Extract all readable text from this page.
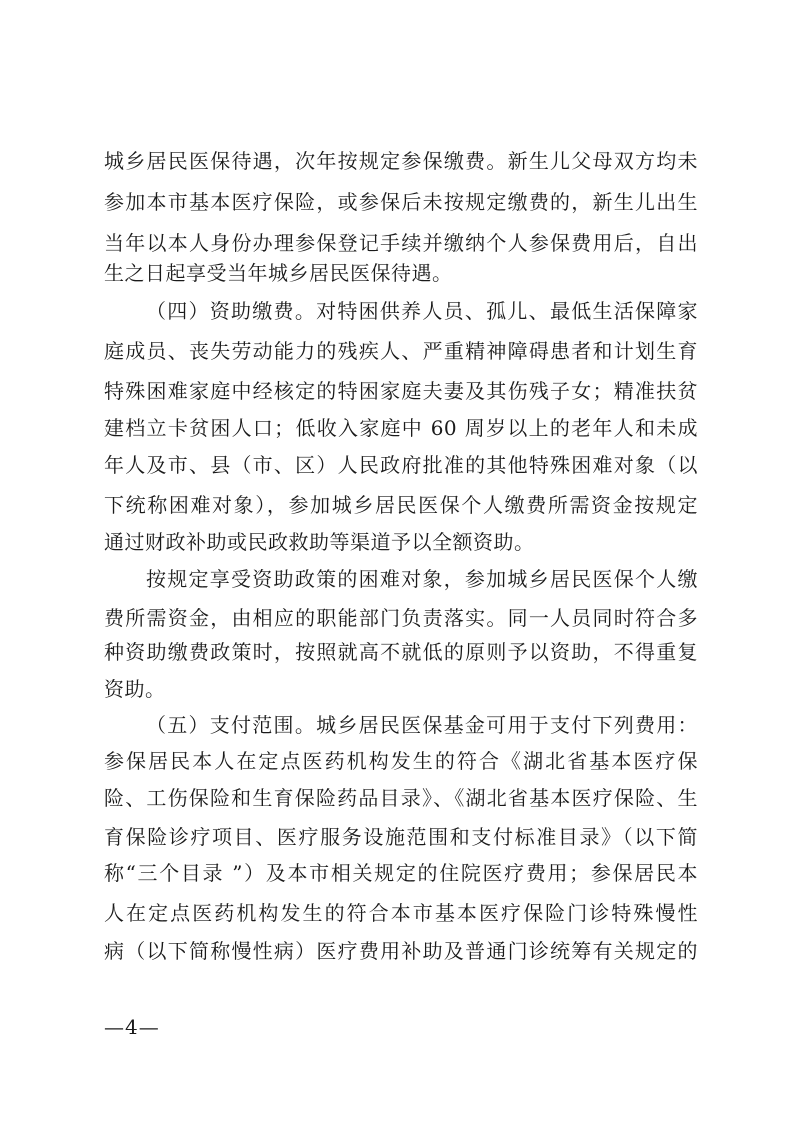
城乡居民医保待遇，次年按规定参保缴费。新生儿父母双方均未
参加本市基本医疗保险，或参保后未按规定缴费的，新生儿出生
当年以本人身份办理参保登记手续并缴纳个人参保费用后，自出
生之日起享受当年城乡居民医保待遇。
（四）资助缴费。对特困供养人员、孤儿、最低生活保障家
庭成员、丧失劳动能力的残疾人、严重精神障碍患者和计划生育
特殊困难家庭中经核定的特困家庭夫妻及其伤残子女；精准扶贫
建档立卡贫困人口；低收入家庭中 60 周岁以上的老年人和未成
年人及市、县（市、区）人民政府批准的其他特殊困难对象（以
下统称困难对象），参加城乡居民医保个人缴费所需资金按规定
通过财政补助或民政救助等渠道予以全额资助。
按规定享受资助政策的困难对象，参加城乡居民医保个人缴
费所需资金，由相应的职能部门负责落实。同一人员同时符合多
种资助缴费政策时，按照就高不就低的原则予以资助，不得重复
资助。
（五）支付范围。城乡居民医保基金可用于支付下列费用：
参保居民本人在定点医药机构发生的符合《湖北省基本医疗保
险、工伤保险和生育保险药品目录》、《湖北省基本医疗保险、生
育保险诊疗项目、医疗服务设施范围和支付标准目录》（以下简
称“三个目录 ”）及本市相关规定的住院医疗费用；参保居民本
人在定点医药机构发生的符合本市基本医疗保险门诊特殊慢性
病（以下简称慢性病）医疗费用补助及普通门诊统筹有关规定的
—4—
